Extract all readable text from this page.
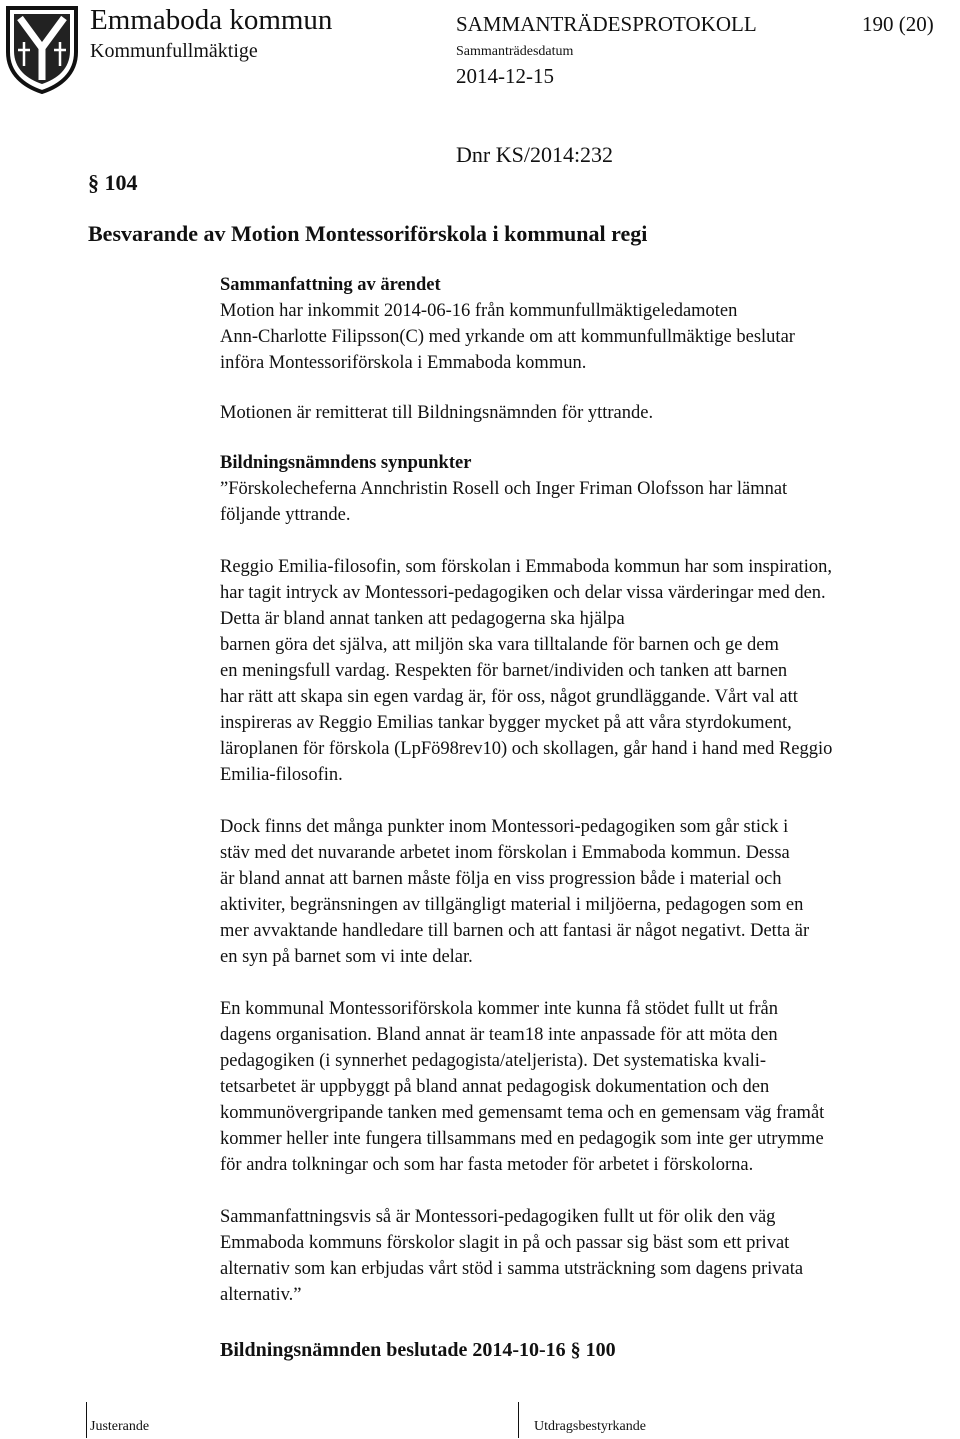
Emmaboda kommun
Kommunfullmäktige
SAMMANTRÄDESPROTOKOLL	190 (20)
Sammanträdesdatum
2014-12-15
Dnr KS/2014:232
§ 104
Besvarande av Motion Montessoriförskola i kommunal regi

Sammanfattning av ärendet

Motion har inkommit 2014-06-16 från kommunfullmäktigeledamoten
Ann-Charlotte Filipsson(C) med yrkande om att kommunfullmäktige beslutar
införa Montessoriförskola i Emmaboda kommun.

Motionen är remitterat till Bildningsnämnden för yttrande.

Bildningsnämndens synpunkter

”Förskolecheferna Annchristin Rosell och Inger Friman Olofsson har lämnat
följande yttrande.

Reggio Emilia-filosofin, som förskolan i Emmaboda kommun har som inspiration,
har tagit intryck av Montessori-pedagogiken och delar vissa värderingar med den.
Detta är bland annat tanken att pedagogerna ska hjälpa
barnen göra det själva, att miljön ska vara tilltalande för barnen och ge dem
en meningsfull vardag. Respekten för barnet/individen och tanken att barnen
har rätt att skapa sin egen vardag är, för oss, något grundläggande. Vårt val att
inspireras av Reggio Emilias tankar bygger mycket på att våra styrdokument,
läroplanen för förskola (LpFö98rev10) och skollagen, går hand i hand med Reggio
Emilia-filosofin.

Dock finns det många punkter inom Montessori-pedagogiken som går stick i
stäv med det nuvarande arbetet inom förskolan i Emmaboda kommun. Dessa
är bland annat att barnen måste följa en viss progression både i material och
aktiviter, begränsningen av tillgängligt material i miljöerna, pedagogen som en
mer avvaktande handledare till barnen och att fantasi är något negativt. Detta är
en syn på barnet som vi inte delar.

En kommunal Montessoriförskola kommer inte kunna få stödet fullt ut från
dagens organisation. Bland annat är team18 inte anpassade för att möta den
pedagogiken (i synnerhet pedagogista/ateljerista). Det systematiska kvali-
tetsarbetet är uppbyggt på bland annat pedagogisk dokumentation och den
kommunövergripande tanken med gemensamt tema och en gemensam väg framåt
kommer heller inte fungera tillsammans med en pedagogik som inte ger utrymme
för andra tolkningar och som har fasta metoder för arbetet i förskolorna.

Sammanfattningsvis så är Montessori-pedagogiken fullt ut för olik den väg
Emmaboda kommuns förskolor slagit in på och passar sig bäst som ett privat
alternativ som kan erbjudas vårt stöd i samma utsträckning som dagens privata
alternativ.”

Bildningsnämnden beslutade 2014-10-16 § 100

Justerande	Utdragsbestyrkande
